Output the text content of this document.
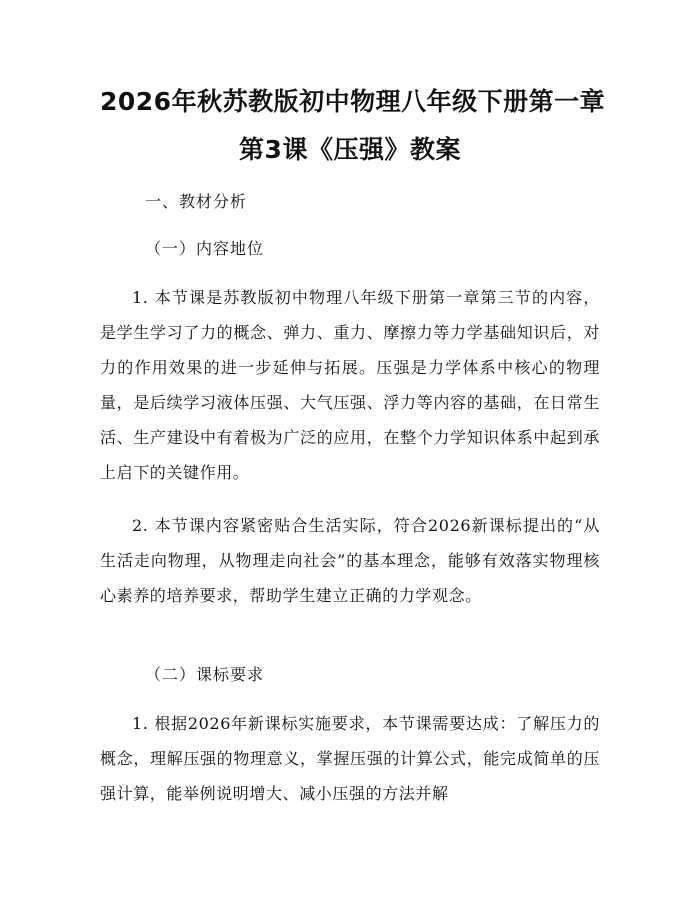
2026年秋苏教版初中物理八年级下册第一章
第3课《压强》教案
一、教材分析
（一）内容地位
1. 本节课是苏教版初中物理八年级下册第一章第三节的内容，是学生学习了力的概念、弹力、重力、摩擦力等力学基础知识后，对力的作用效果的进一步延伸与拓展。压强是力学体系中核心的物理量，是后续学习液体压强、大气压强、浮力等内容的基础，在日常生活、生产建设中有着极为广泛的应用，在整个力学知识体系中起到承上启下的关键作用。
2. 本节课内容紧密贴合生活实际，符合2026新课标提出的“从生活走向物理，从物理走向社会”的基本理念，能够有效落实物理核心素养的培养要求，帮助学生建立正确的力学观念。
（二）课标要求
1. 根据2026年新课标实施要求，本节课需要达成：了解压力的概念，理解压强的物理意义，掌握压强的计算公式，能完成简单的压强计算，能举例说明增大、减小压强的方法并解
